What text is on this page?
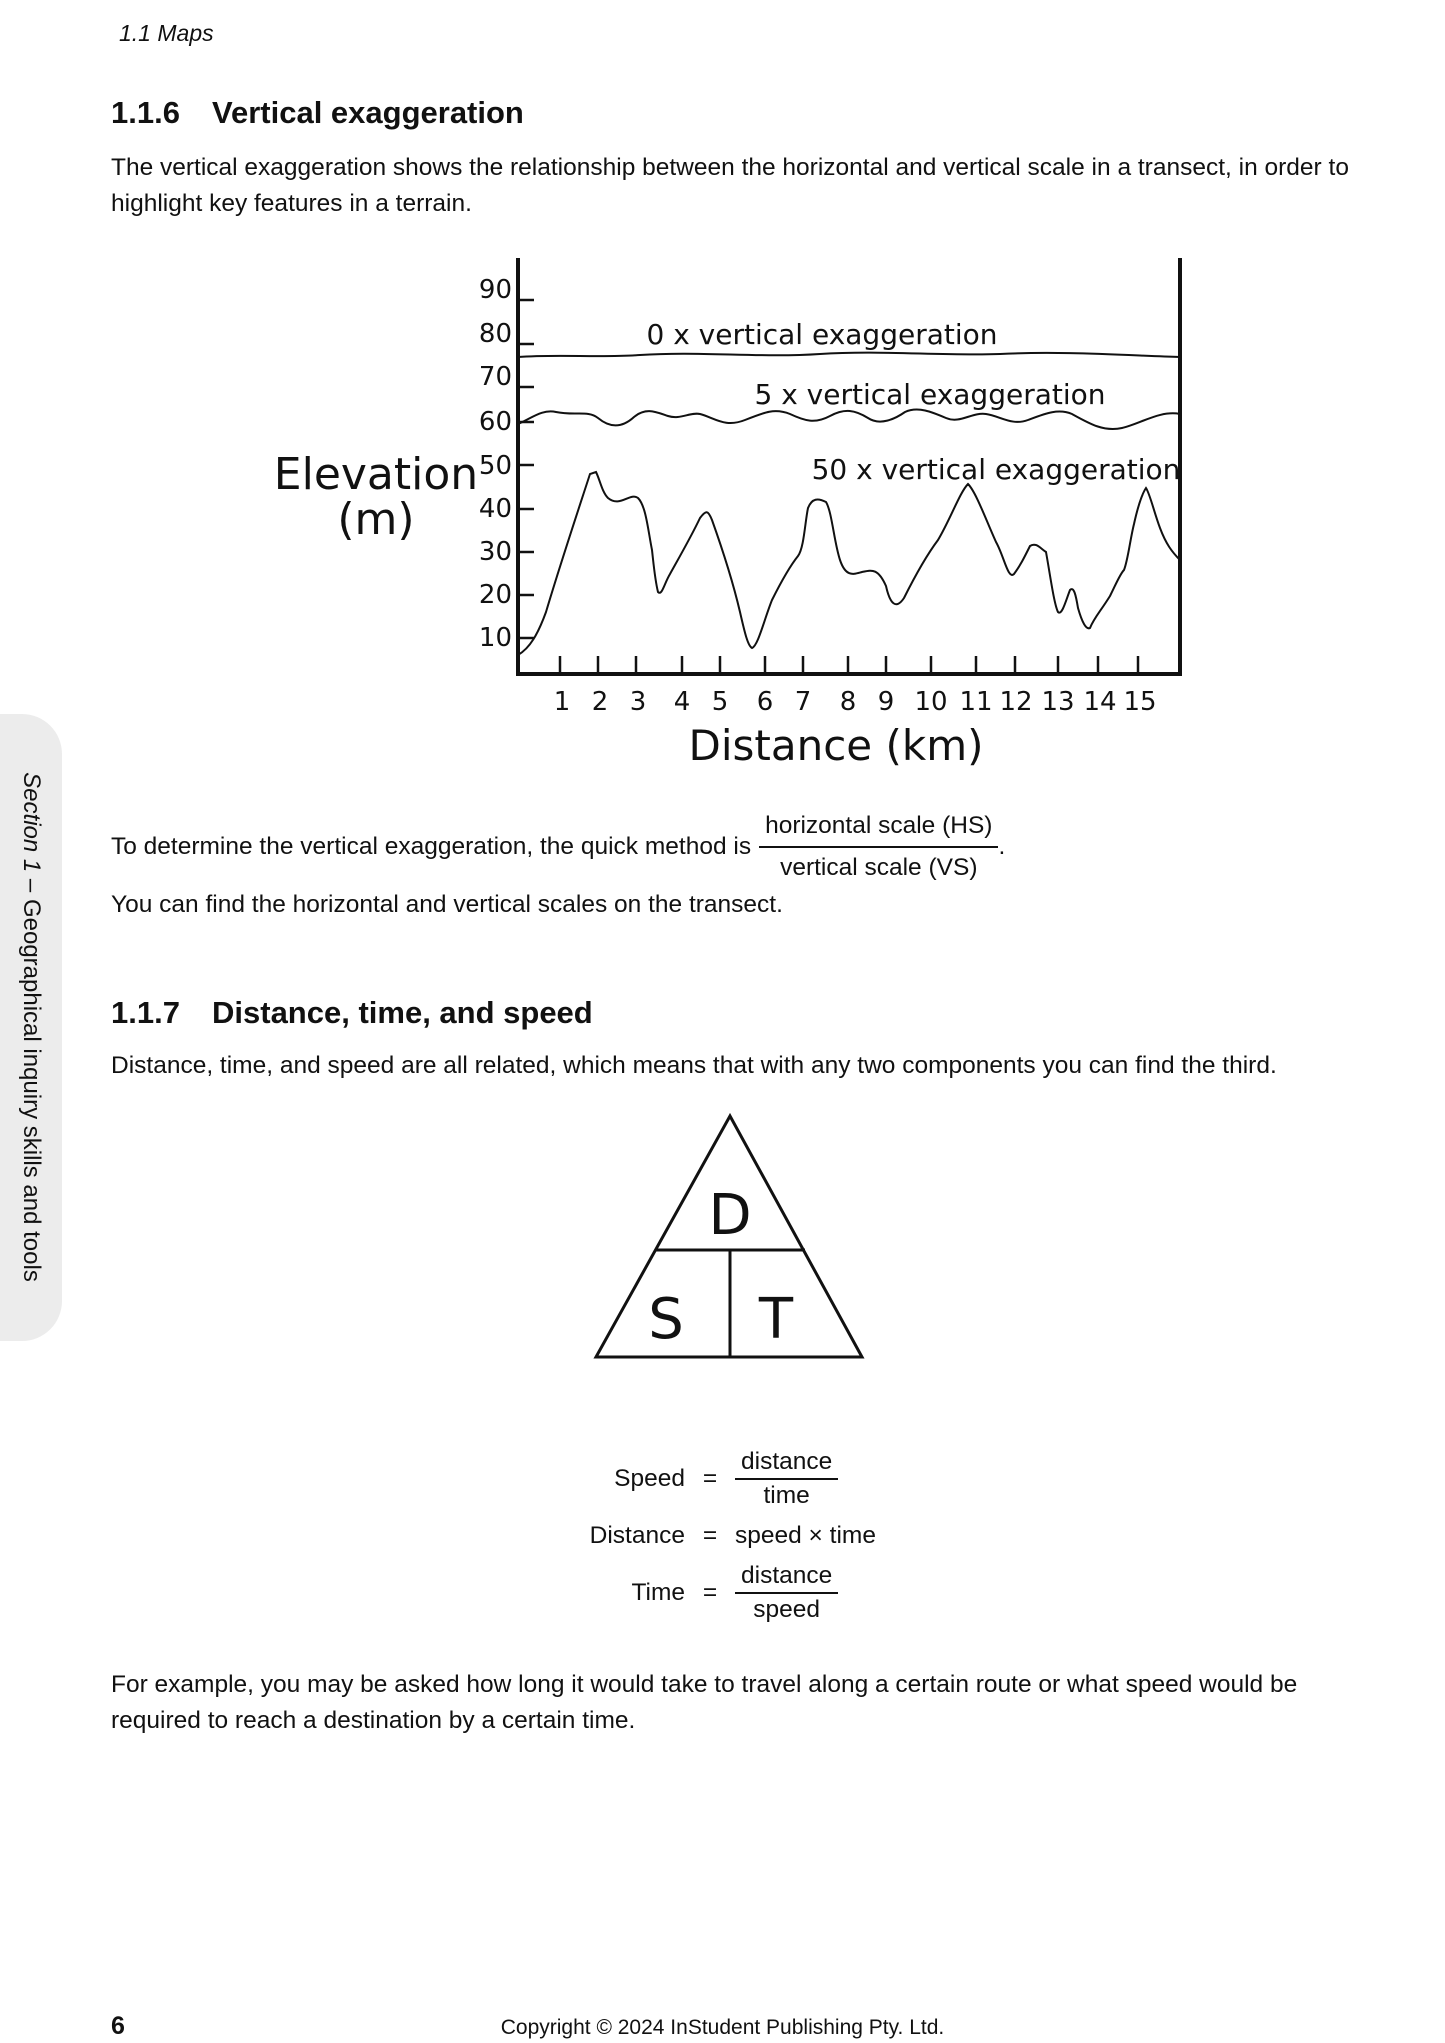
1.1 Maps
Section 1 – Geographical inquiry skills and tools
1.1.6 Vertical exaggeration
The vertical exaggeration shows the relationship between the horizontal and vertical scale in a transect, in order to highlight key features in a terrain.
90
80
70
60
50
40
30
20
10
1 2 3 4 5 6 7 8 9 10 11 12 13 14 15
Elevation
(m)
Distance (km)
0 x vertical exaggeration
5 x vertical exaggeration
50 x vertical exaggeration
To determine the vertical exaggeration, the quick method is $\frac{\text{horizontal scale (HS)}}{\text{vertical scale (VS)}}$ .
You can find the horizontal and vertical scales on the transect.
1.1.7 Distance, time, and speed
Distance, time, and speed are all related, which means that with any two components you can find the third.
D
S T
Speed = $\frac{\text{distance}}{\text{time}}$
Distance = speed × time
Time = $\frac{\text{distance}}{\text{speed}}$
For example, you may be asked how long it would take to travel along a certain route or what speed would be required to reach a destination by a certain time.
6	Copyright © 2024 InStudent Publishing Pty. Ltd.
